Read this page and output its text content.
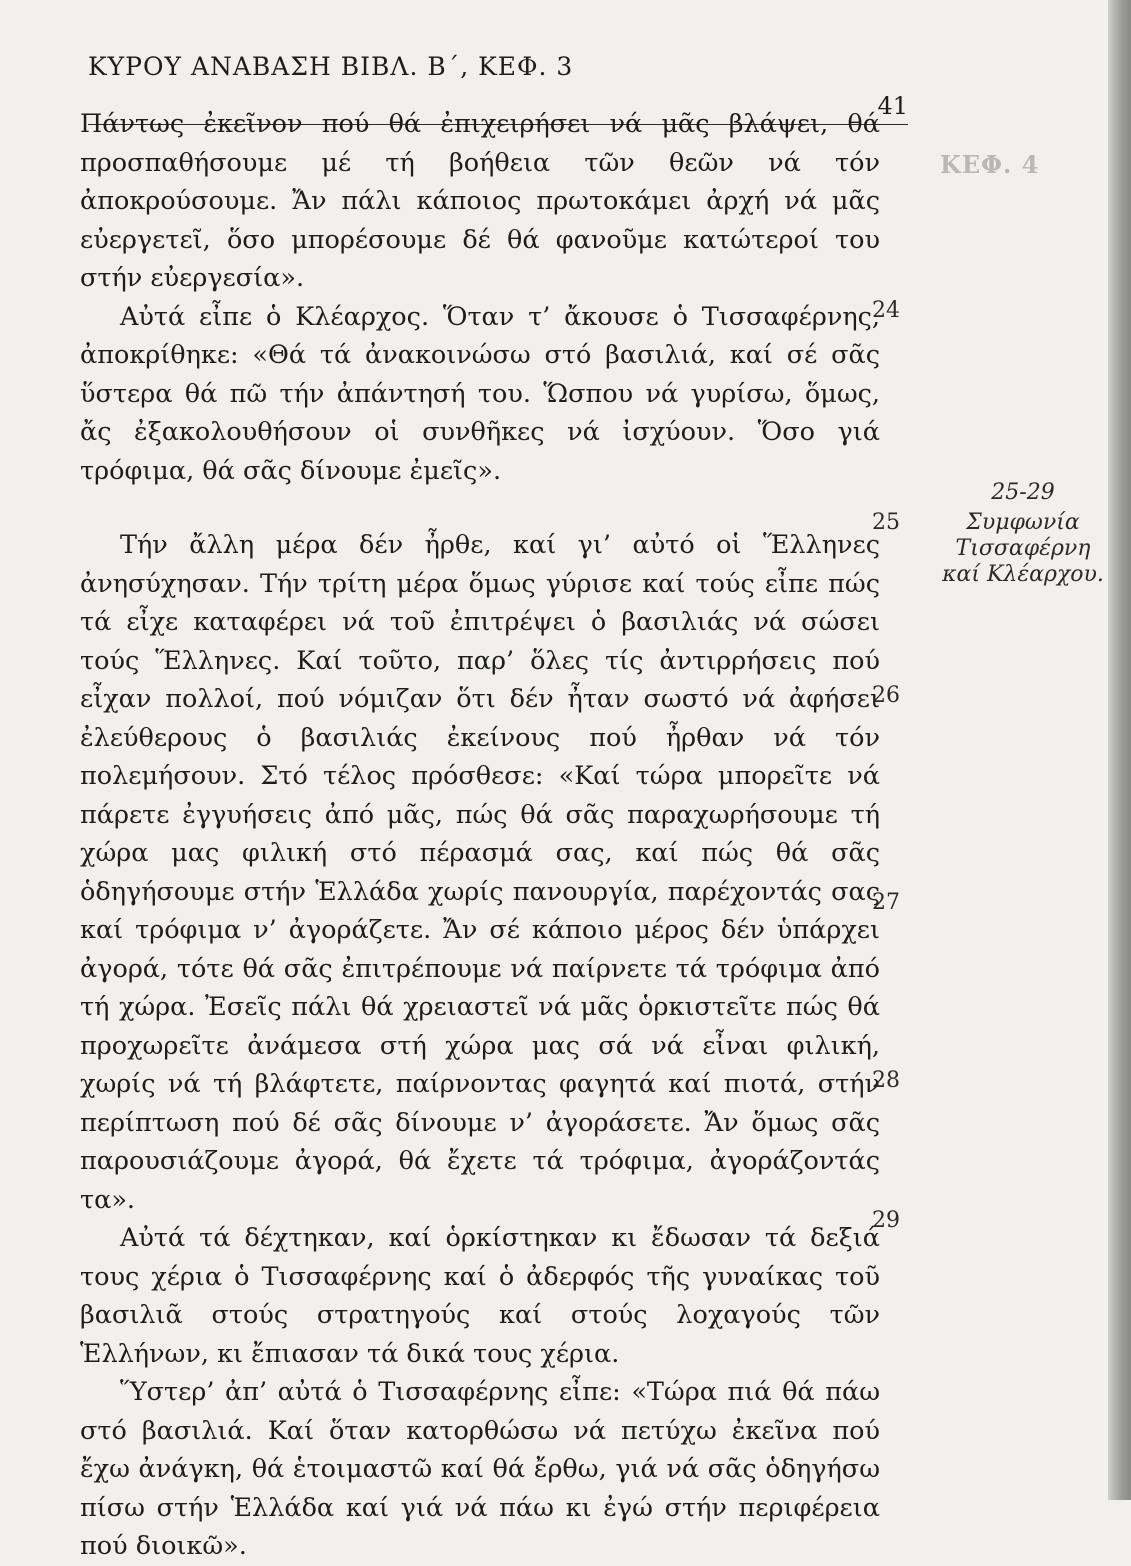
ΚΕΦ. 4
ΚΥΡΟΥ ΑΝΑΒΑΣΗ ΒΙΒΛ. Β΄, ΚΕΦ. 3
41

Πάντως ἐκεῖνον πού θά ἐπιχειρήσει νά μᾶς βλάψει, θά προσπαθήσουμε μέ τή βοήθεια τῶν θεῶν νά τόν ἀποκρούσουμε. Ἄν πάλι κάποιος πρωτοκάμει ἀρχή νά μᾶς εὐεργετεῖ, ὅσο μπορέσουμε δέ θά φανοῦμε κατώτεροί του στήν εὐεργεσία».

Αὐτά εἶπε ὁ Κλέαρχος. Ὅταν τ’ ἄκουσε ὁ Τισσαφέρνης, ἀποκρίθηκε: «Θά τά ἀνακοινώσω στό βασιλιά, καί σέ σᾶς ὕστερα θά πῶ τήν ἀπάντησή του. Ὥσπου νά γυρίσω, ὅμως, ἄς ἐξακολουθήσουν οἱ συνθῆκες νά ἰσχύουν. Ὅσο γιά τρόφιμα, θά σᾶς δίνουμε ἐμεῖς».

Τήν ἄλλη μέρα δέν ἦρθε, καί γι’ αὐτό οἱ Ἕλληνες ἀνησύχησαν. Τήν τρίτη μέρα ὅμως γύρισε καί τούς εἶπε πώς τά εἶχε καταφέρει νά τοῦ ἐπιτρέψει ὁ βασιλιάς νά σώσει τούς Ἕλληνες. Καί τοῦτο, παρ’ ὅλες τίς ἀντιρρήσεις πού εἶχαν πολλοί, πού νόμιζαν ὅτι δέν ἦταν σωστό νά ἀφήσει ἐλεύθερους ὁ βασιλιάς ἐκείνους πού ἦρθαν νά τόν πολεμήσουν. Στό τέλος πρόσθεσε: «Καί τώρα μπορεῖτε νά πάρετε ἐγγυήσεις ἀπό μᾶς, πώς θά σᾶς παραχωρήσουμε τή χώρα μας φιλική στό πέρασμά σας, καί πώς θά σᾶς ὁδηγήσουμε στήν Ἑλλάδα χωρίς πανουργία, παρέχοντάς σας καί τρόφιμα ν’ ἀγοράζετε. Ἄν σέ κάποιο μέρος δέν ὑπάρχει ἀγορά, τότε θά σᾶς ἐπιτρέπουμε νά παίρνετε τά τρόφιμα ἀπό τή χώρα. Ἐσεῖς πάλι θά χρειαστεῖ νά μᾶς ὁρκιστεῖτε πώς θά προχωρεῖτε ἀνάμεσα στή χώρα μας σά νά εἶναι φιλική, χωρίς νά τή βλάφτετε, παίρνοντας φαγητά καί πιοτά, στήν περίπτωση πού δέ σᾶς δίνουμε ν’ ἀγοράσετε. Ἄν ὅμως σᾶς παρουσιάζουμε ἀγορά, θά ἔχετε τά τρόφιμα, ἀγοράζοντάς τα».

Αὐτά τά δέχτηκαν, καί ὁρκίστηκαν κι ἔδωσαν τά δεξιά τους χέρια ὁ Τισσαφέρνης καί ὁ ἀδερφός τῆς γυναίκας τοῦ βασιλιᾶ στούς στρατηγούς καί στούς λοχαγούς τῶν Ἑλλήνων, κι ἔπιασαν τά δικά τους χέρια.

Ὕστερ’ ἀπ’ αὐτά ὁ Τισσαφέρνης εἶπε: «Τώρα πιά θά πάω στό βασιλιά. Καί ὅταν κατορθώσω νά πετύχω ἐκεῖνα πού ἔχω ἀνάγκη, θά ἑτοιμαστῶ καί θά ἔρθω, γιά νά σᾶς ὁδηγήσω πίσω στήν Ἑλλάδα καί γιά νά πάω κι ἐγώ στήν περιφέρεια πού διοικῶ».

24
25
26
27
28
29
25-29
Συμφωνία
Τισσαφέρνη
καί Κλέαρχου.
